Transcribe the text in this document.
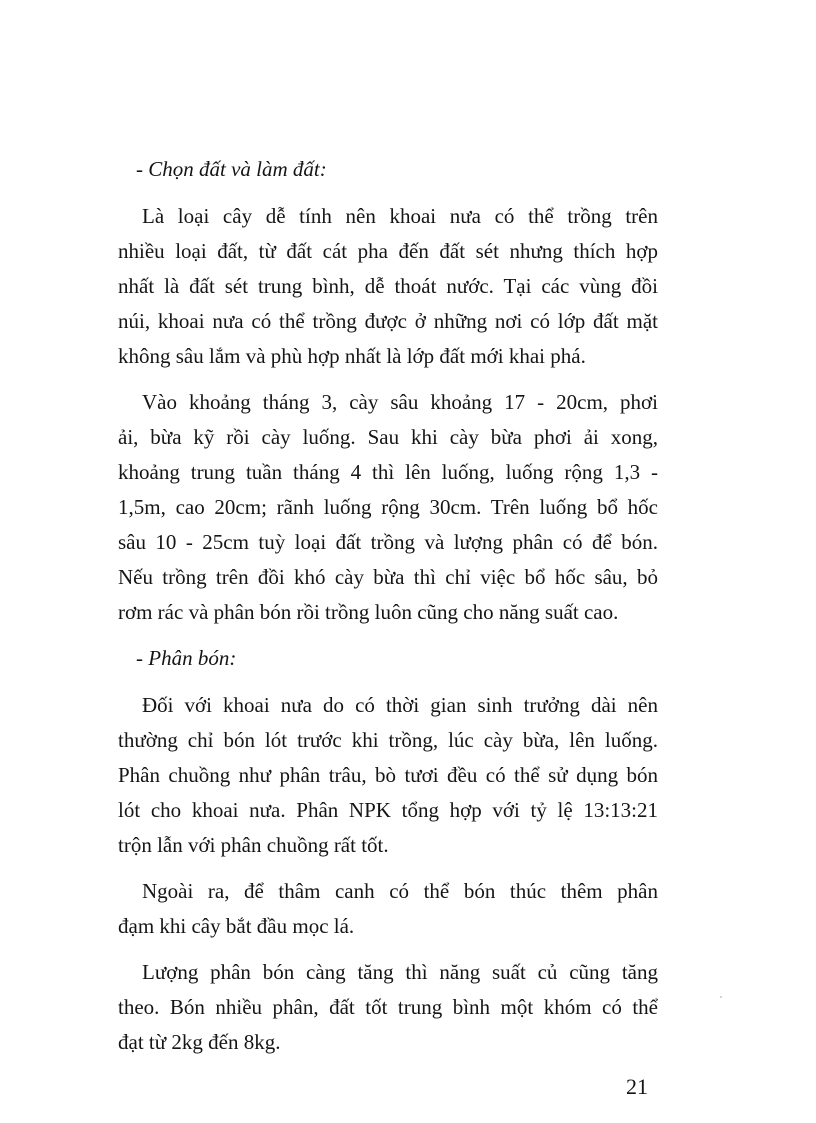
- Chọn đất và làm đất:
Là loại cây dễ tính nên khoai nưa có thể trồng trên
nhiều loại đất, từ đất cát pha đến đất sét nhưng thích hợp
nhất là đất sét trung bình, dễ thoát nước. Tại các vùng đồi
núi, khoai nưa có thể trồng được ở những nơi có lớp đất mặt
không sâu lắm và phù hợp nhất là lớp đất mới khai phá.
Vào khoảng tháng 3, cày sâu khoảng 17 - 20cm, phơi
ải, bừa kỹ rồi cày luống. Sau khi cày bừa phơi ải xong,
khoảng trung tuần tháng 4 thì lên luống, luống rộng 1,3 -
1,5m, cao 20cm; rãnh luống rộng 30cm. Trên luống bổ hốc
sâu 10 - 25cm tuỳ loại đất trồng và lượng phân có để bón.
Nếu trồng trên đồi khó cày bừa thì chỉ việc bổ hốc sâu, bỏ
rơm rác và phân bón rồi trồng luôn cũng cho năng suất cao.
- Phân bón:
Đối với khoai nưa do có thời gian sinh trưởng dài nên
thường chỉ bón lót trước khi trồng, lúc cày bừa, lên luống.
Phân chuồng như phân trâu, bò tươi đều có thể sử dụng bón
lót cho khoai nưa. Phân NPK tổng hợp với tỷ lệ 13:13:21
trộn lẫn với phân chuồng rất tốt.
Ngoài ra, để thâm canh có thể bón thúc thêm phân
đạm khi cây bắt đầu mọc lá.
Lượng phân bón càng tăng thì năng suất củ cũng tăng
theo. Bón nhiều phân, đất tốt trung bình một khóm có thể
đạt từ 2kg đến 8kg.
21
